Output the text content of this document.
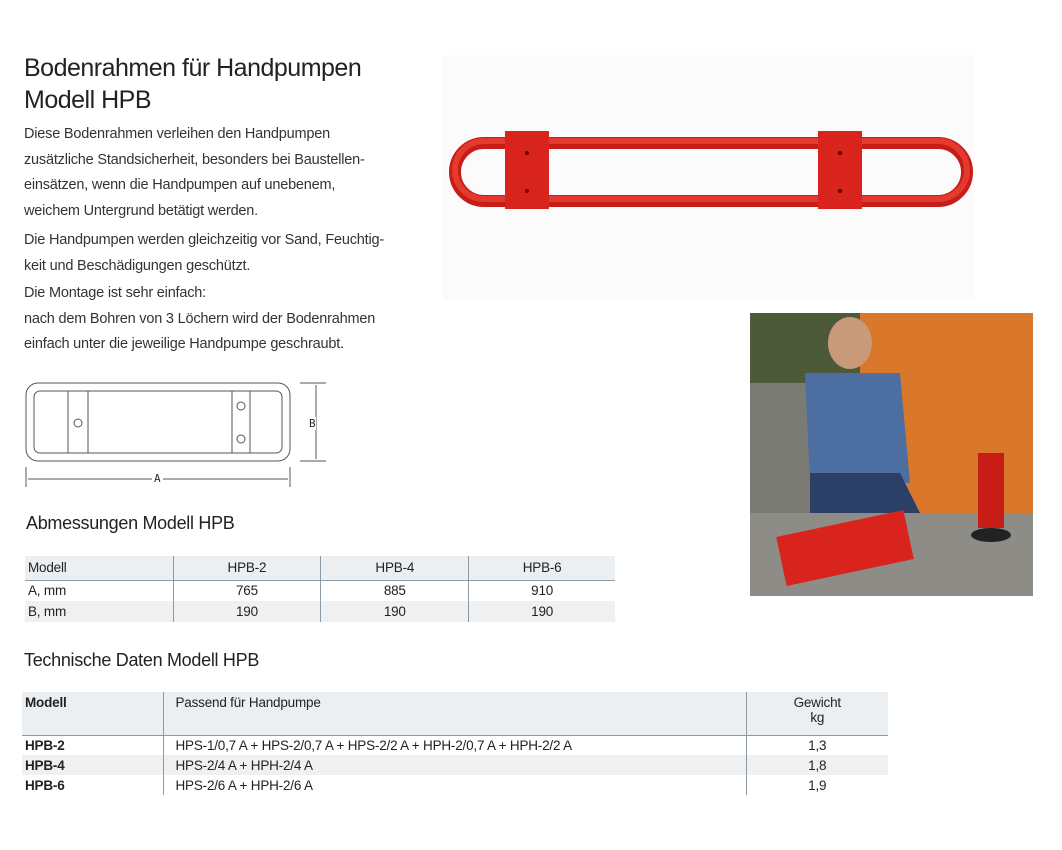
Bodenrahmen für Handpumpen
Modell HPB
Diese Bodenrahmen verleihen den Handpumpen
zusätzliche Standsicherheit, besonders bei Baustellen-
einsätzen, wenn die Handpumpen auf unebenem,
weichem Untergrund betätigt werden.
Die Handpumpen werden gleichzeitig vor Sand, Feuchtig-
keit und Beschädigungen geschützt.
Die Montage ist sehr einfach:
nach dem Bohren von 3 Löchern wird der Bodenrahmen
einfach unter die jeweilige Handpumpe geschraubt.
B
A
Abmessungen Modell HPB
Modell	HPB-2	HPB-4	HPB-6
A, mm	765	885	910
B, mm	190	190	190
Technische Daten Modell HPB
Modell	Passend für Handpumpe	Gewicht
kg
HPB-2	HPS-1/0,7 A + HPS-2/0,7 A + HPS-2/2 A + HPH-2/0,7 A + HPH-2/2 A	1,3
HPB-4	HPS-2/4 A + HPH-2/4 A	1,8
HPB-6	HPS-2/6 A + HPH-2/6 A	1,9
